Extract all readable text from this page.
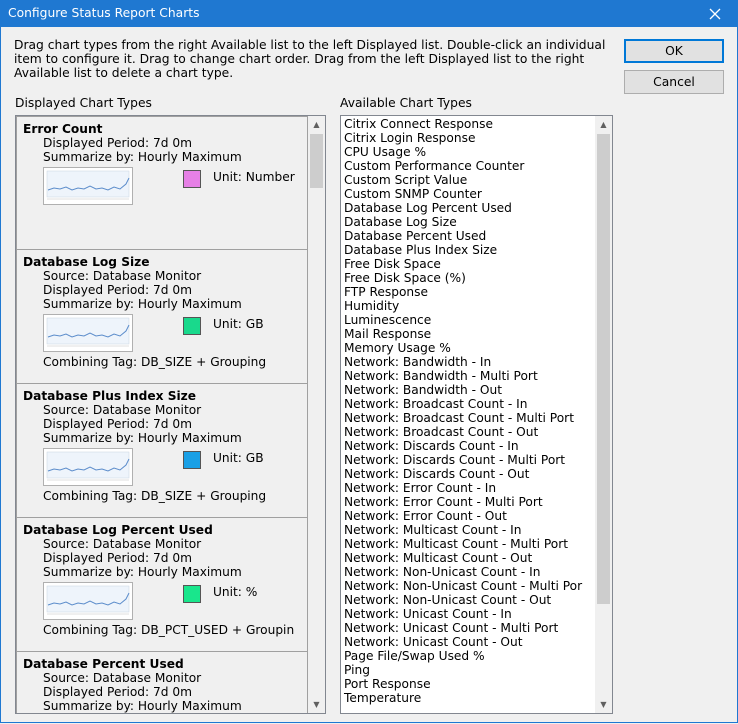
Configure Status Report Charts
Drag chart types from the right Available list to the left Displayed list. Double-click an individual item to configure it. Drag to change chart order. Drag from the left Displayed list to the right Available list to delete a chart type.
OK
Cancel
Displayed Chart Types	Available Chart Types
Error Count
Displayed Period: 7d 0m
Summarize by: Hourly Maximum
Unit: Number
Database Log Size
Source: Database Monitor
Displayed Period: 7d 0m
Summarize by: Hourly Maximum
Unit: GB
Combining Tag: DB_SIZE + Grouping
Database Plus Index Size
Source: Database Monitor
Displayed Period: 7d 0m
Summarize by: Hourly Maximum
Unit: GB
Combining Tag: DB_SIZE + Grouping
Database Log Percent Used
Source: Database Monitor
Displayed Period: 7d 0m
Summarize by: Hourly Maximum
Unit: %
Combining Tag: DB_PCT_USED + Groupin
Database Percent Used
Source: Database Monitor
Displayed Period: 7d 0m
Summarize by: Hourly Maximum
▲
▼
Citrix Connect Response
Citrix Login Response
CPU Usage %
Custom Performance Counter
Custom Script Value
Custom SNMP Counter
Database Log Percent Used
Database Log Size
Database Percent Used
Database Plus Index Size
Free Disk Space
Free Disk Space (%)
FTP Response
Humidity
Luminescence
Mail Response
Memory Usage %
Network: Bandwidth - In
Network: Bandwidth - Multi Port
Network: Bandwidth - Out
Network: Broadcast Count - In
Network: Broadcast Count - Multi Port
Network: Broadcast Count - Out
Network: Discards Count - In
Network: Discards Count - Multi Port
Network: Discards Count - Out
Network: Error Count - In
Network: Error Count - Multi Port
Network: Error Count - Out
Network: Multicast Count - In
Network: Multicast Count - Multi Port
Network: Multicast Count - Out
Network: Non-Unicast Count - In
Network: Non-Unicast Count - Multi Por
Network: Non-Unicast Count - Out
Network: Unicast Count - In
Network: Unicast Count - Multi Port
Network: Unicast Count - Out
Page File/Swap Used %
Ping
Port Response
Temperature
▲
▼
